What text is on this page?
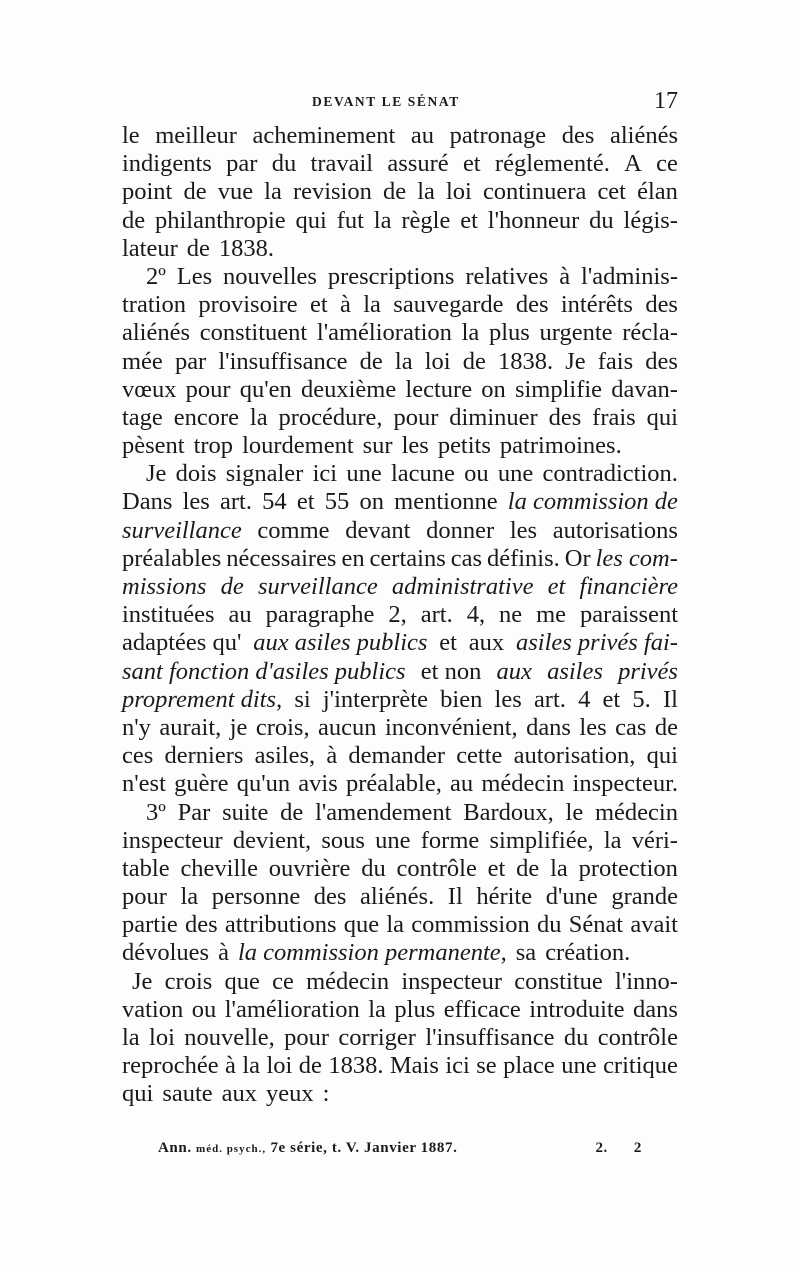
DEVANT LE SÉNAT	17
le meilleur acheminement au patronage des aliénés
indigents par du travail assuré et réglementé. A ce
point de vue la revision de la loi continuera cet élan
de philanthropie qui fut la règle et l'honneur du légis-
lateur de 1838.
2º Les nouvelles prescriptions relatives à l'adminis-
tration provisoire et à la sauvegarde des intérêts des
aliénés constituent l'amélioration la plus urgente récla-
mée par l'insuffisance de la loi de 1838. Je fais des
vœux pour qu'en deuxième lecture on simplifie davan-
tage encore la procédure, pour diminuer des frais qui
pèsent trop lourdement sur les petits patrimoines.
Je dois signaler ici une lacune ou une contradiction.
Dans les art. 54 et 55 on mentionne la commission de
surveillance comme devant donner les autorisations
préalables nécessaires en certains cas définis. Or les com-
missions de surveillance administrative et financière
instituées au paragraphe 2, art. 4, ne me paraissent
adaptées qu' aux asiles publics et aux asiles privés fai-
sant fonction d'asiles publics et non aux asiles privés
proprement dits, si j'interprète bien les art. 4 et 5. Il
n'y aurait, je crois, aucun inconvénient, dans les cas de
ces derniers asiles, à demander cette autorisation, qui
n'est guère qu'un avis préalable, au médecin inspecteur.
3º Par suite de l'amendement Bardoux, le médecin
inspecteur devient, sous une forme simplifiée, la véri-
table cheville ouvrière du contrôle et de la protection
pour la personne des aliénés. Il hérite d'une grande
partie des attributions que la commission du Sénat avait
dévolues à la commission permanente, sa création.
Je crois que ce médecin inspecteur constitue l'inno-
vation ou l'amélioration la plus efficace introduite dans
la loi nouvelle, pour corriger l'insuffisance du contrôle
reprochée à la loi de 1838. Mais ici se place une critique
qui saute aux yeux :
Ann. méd. psych., 7e série, t. V. Janvier 1887.	2. 2
